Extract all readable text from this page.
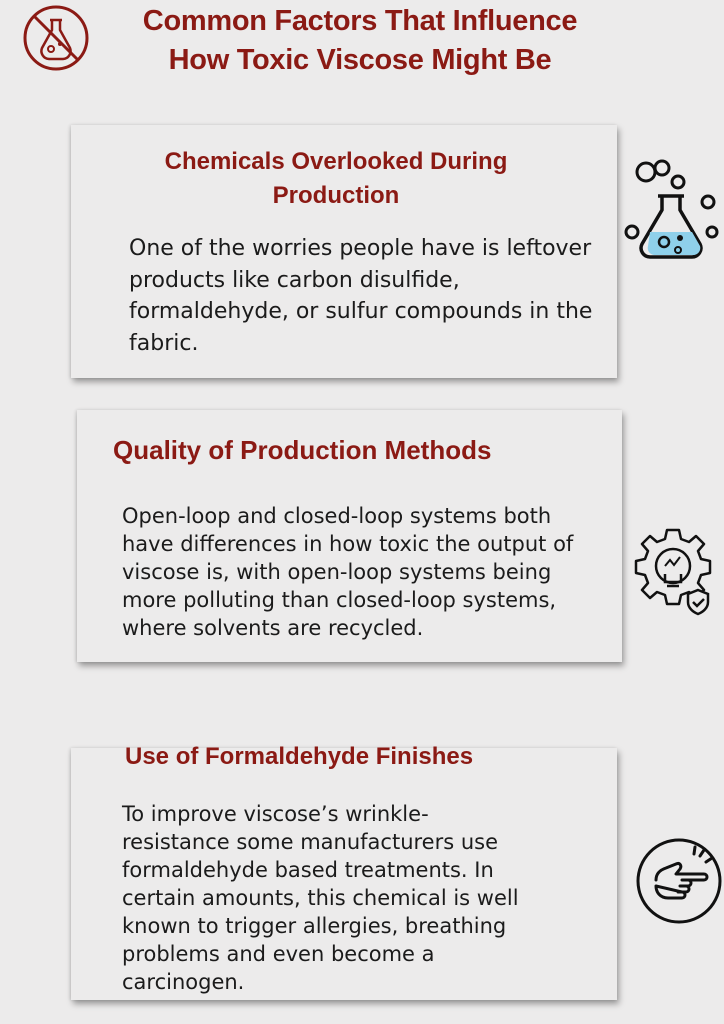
Common Factors That Influence
How Toxic Viscose Might Be
Chemicals Overlooked During
Production
One of the worries people have is leftover products like carbon disulfide, formaldehyde, or sulfur compounds in the fabric.
Quality of Production Methods
Open-loop and closed-loop systems both have differences in how toxic the output of viscose is, with open-loop systems being more polluting than closed-loop systems, where solvents are recycled.
Use of Formaldehyde Finishes
To improve viscose’s wrinkle-resistance some manufacturers use formaldehyde based treatments. In certain amounts, this chemical is well known to trigger allergies, breathing problems and even become a carcinogen.
